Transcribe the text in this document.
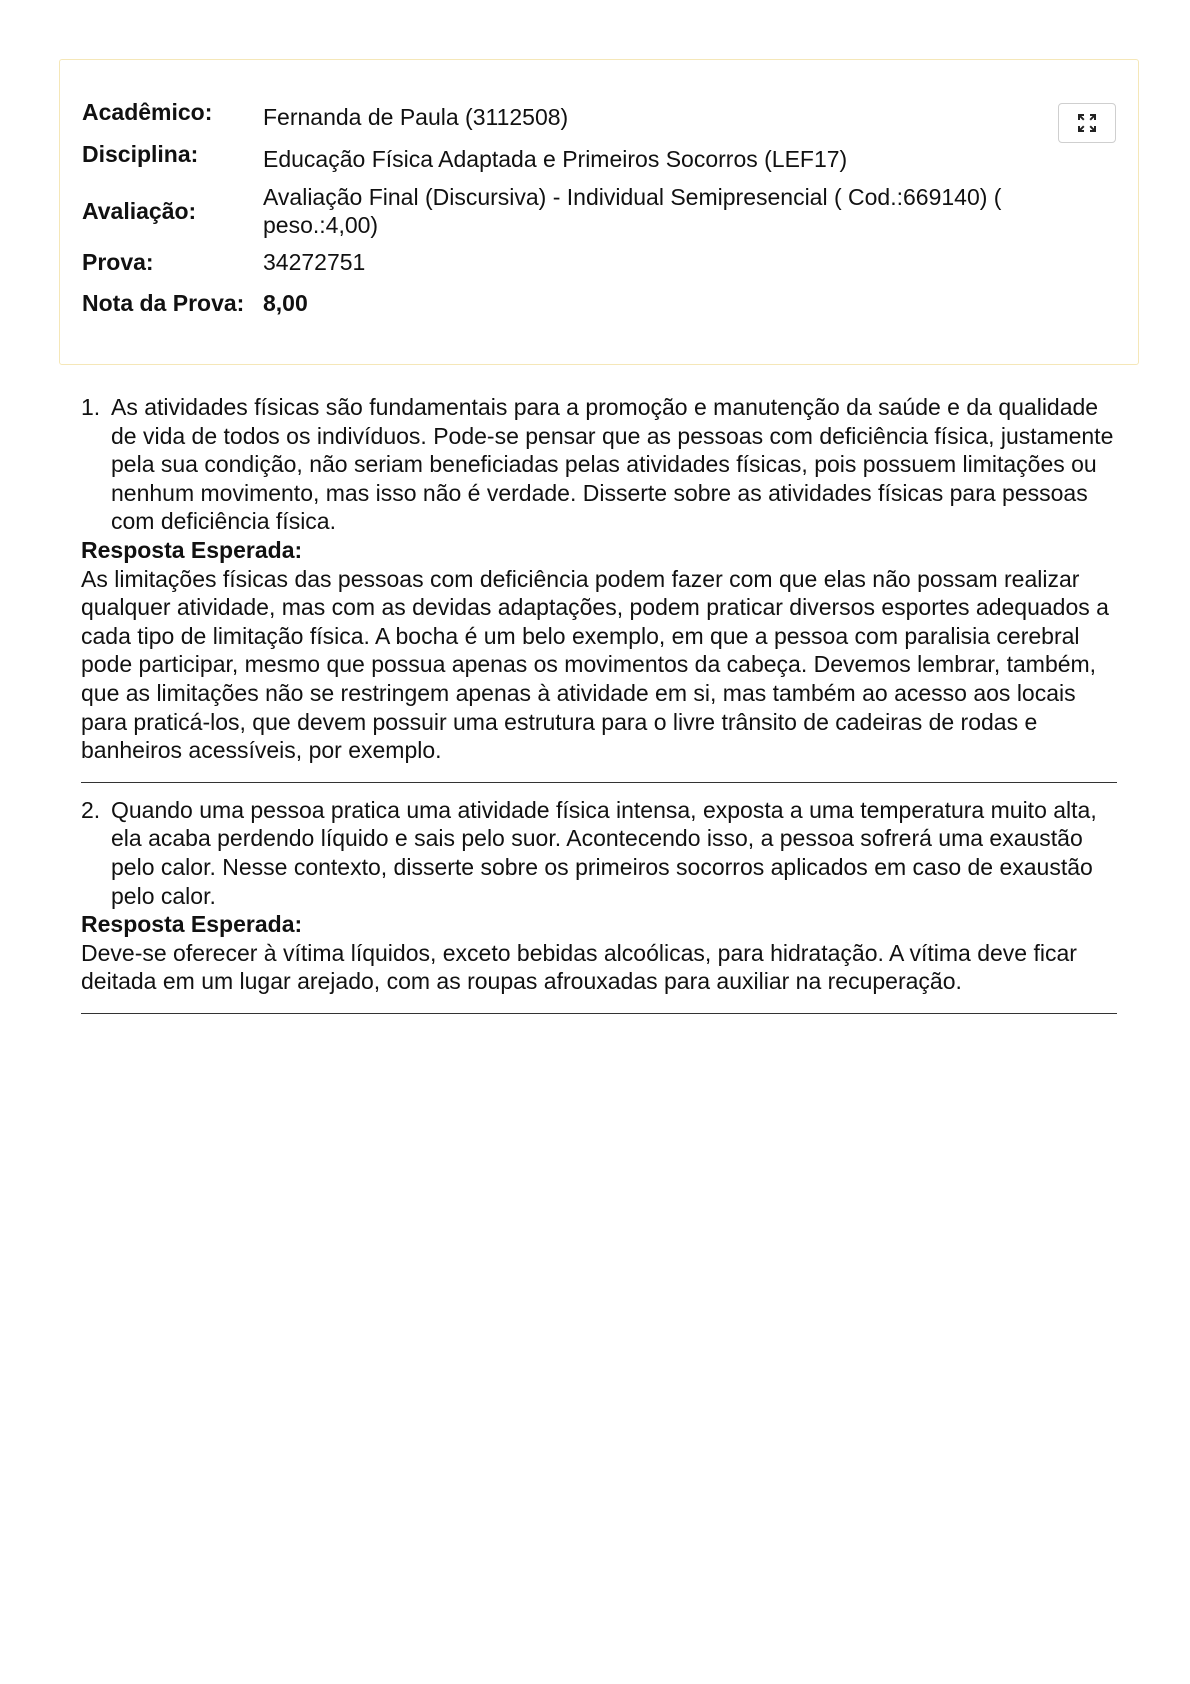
Acadêmico:	Fernanda de Paula (3112508)
Disciplina:	Educação Física Adaptada e Primeiros Socorros (LEF17)
Avaliação:
Avaliação Final (Discursiva) - Individual Semipresencial ( Cod.:669140) ( peso.:4,00)
Prova:	34272751
Nota da Prova: 8,00
1. As atividades físicas são fundamentais para a promoção e manutenção da saúde e da qualidade de vida de todos os indivíduos. Pode-se pensar que as pessoas com deficiência física, justamente pela sua condição, não seriam beneficiadas pelas atividades físicas, pois possuem limitações ou nenhum movimento, mas isso não é verdade. Disserte sobre as atividades físicas para pessoas com deficiência física.
Resposta Esperada:
As limitações físicas das pessoas com deficiência podem fazer com que elas não possam realizar qualquer atividade, mas com as devidas adaptações, podem praticar diversos esportes adequados a cada tipo de limitação física. A bocha é um belo exemplo, em que a pessoa com paralisia cerebral pode participar, mesmo que possua apenas os movimentos da cabeça. Devemos lembrar, também, que as limitações não se restringem apenas à atividade em si, mas também ao acesso aos locais para praticá-los, que devem possuir uma estrutura para o livre trânsito de cadeiras de rodas e banheiros acessíveis, por exemplo.
2. Quando uma pessoa pratica uma atividade física intensa, exposta a uma temperatura muito alta, ela acaba perdendo líquido e sais pelo suor. Acontecendo isso, a pessoa sofrerá uma exaustão pelo calor. Nesse contexto, disserte sobre os primeiros socorros aplicados em caso de exaustão pelo calor.
Resposta Esperada:
Deve-se oferecer à vítima líquidos, exceto bebidas alcoólicas, para hidratação. A vítima deve ficar deitada em um lugar arejado, com as roupas afrouxadas para auxiliar na recuperação.
